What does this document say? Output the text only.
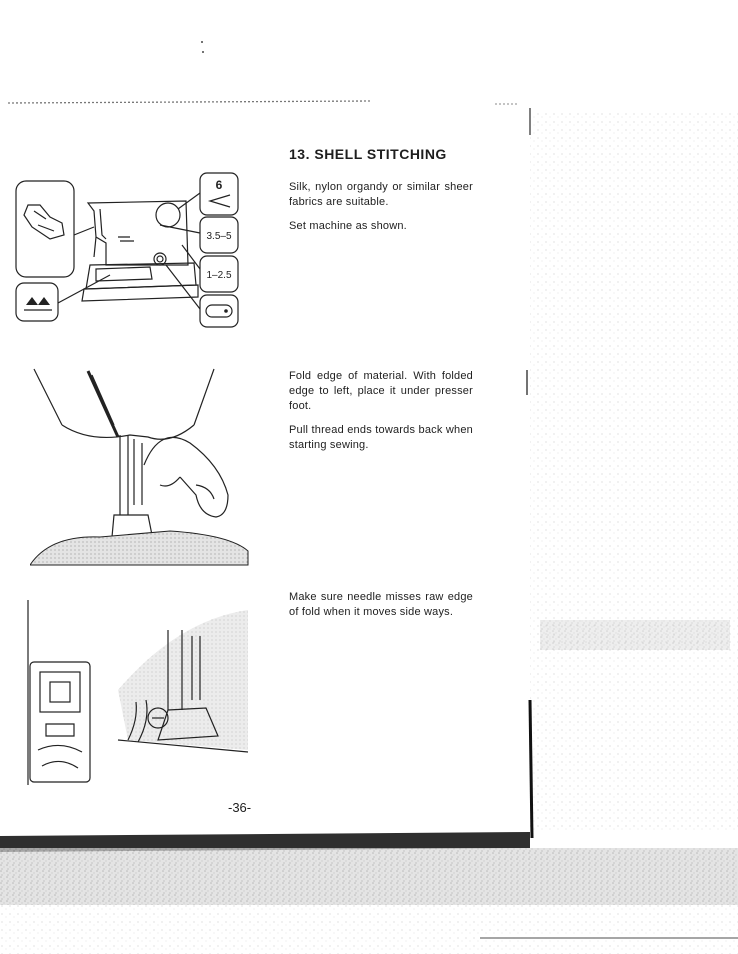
13. SHELL STITCHING

Silk, nylon organdy or similar sheer fabrics are suitable.

Set machine as shown.

Fold edge of material. With folded edge to left, place it under presser foot.

Pull thread ends towards back when starting sewing.

Make sure needle misses raw edge of fold when it moves side ways.

6
3.5–5
1–2.5

-36-
